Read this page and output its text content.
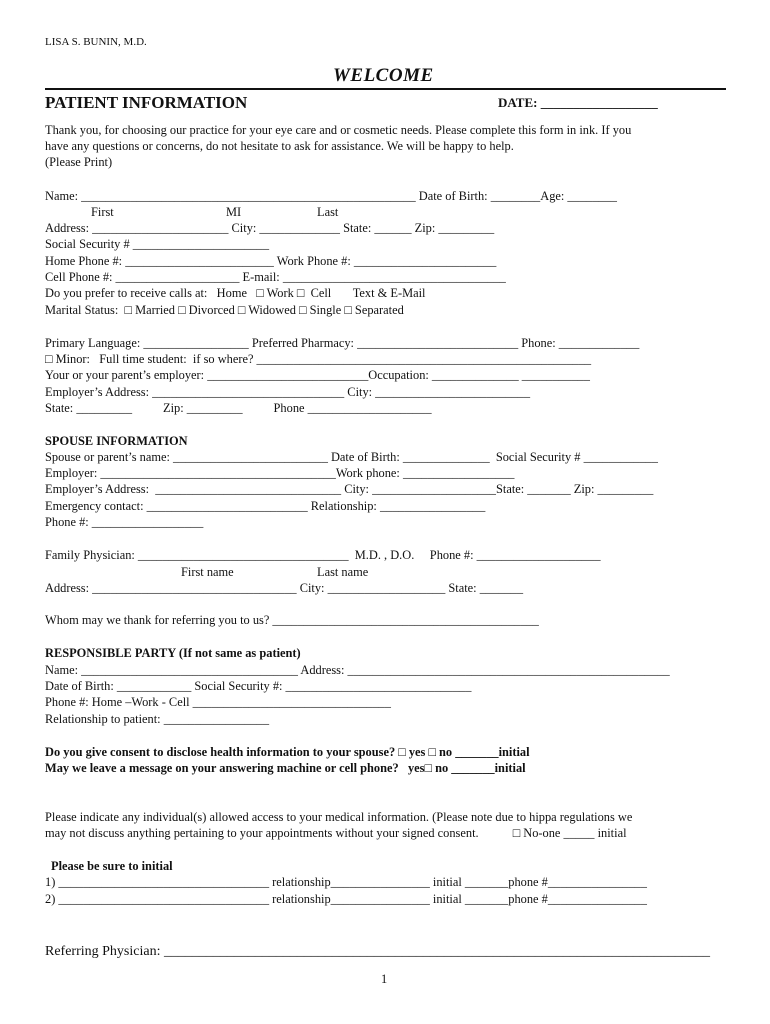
LISA S. BUNIN, M.D.
WELCOME
PATIENT INFORMATION	DATE: __________________
Thank you, for choosing our practice for your eye care and or cosmetic needs. Please complete this form in ink. If you
have any questions or concerns, do not hesitate to ask for assistance. We will be happy to help.
(Please Print)
Name: ______________________________________________________ Date of Birth: ________Age: ________
First	MI	Last
Address: ______________________ City: _____________ State: ______ Zip: _________
Social Security # ______________________
Home Phone #: ________________________ Work Phone #: _______________________
Cell Phone #: ____________________ E-mail: ____________________________________
Do you prefer to receive calls at:   Home   □ Work □  Cell       Text & E-Mail
Marital Status:  □ Married □ Divorced □ Widowed □ Single □ Separated
Primary Language: _________________ Preferred Pharmacy: __________________________ Phone: _____________
□ Minor:   Full time student:  if so where? ______________________________________________________
Your or your parent’s employer: __________________________Occupation: ______________ ___________
Employer’s Address: _______________________________ City: _________________________
State: _________          Zip: _________          Phone ____________________
SPOUSE INFORMATION
Spouse or parent’s name: _________________________ Date of Birth: ______________  Social Security # ____________
Employer: ______________________________________Work phone: __________________
Employer’s Address:  ______________________________ City: ____________________State: _______ Zip: _________
Emergency contact: __________________________ Relationship: _________________
Phone #: __________________
Family Physician: __________________________________  M.D. , D.O.     Phone #: ____________________
First name	Last name
Address: _________________________________ City: ___________________ State: _______
Whom may we thank for referring you to us? ___________________________________________
RESPONSIBLE PARTY (If not same as patient)
Name: ___________________________________ Address: ____________________________________________________
Date of Birth: ____________ Social Security #: ______________________________
Phone #: Home –Work - Cell ________________________________
Relationship to patient: _________________
Do you give consent to disclose health information to your spouse? □ yes □ no _______initial
May we leave a message on your answering machine or cell phone?   yes□ no _______initial
Please indicate any individual(s) allowed access to your medical information. (Please note due to hippa regulations we
may not discuss anything pertaining to your appointments without your signed consent.           □ No-one _____ initial
Please be sure to initial
1) __________________________________ relationship________________ initial _______phone #________________
2) __________________________________ relationship________________ initial _______phone #________________
Referring Physician: ______________________________________________________________________________
1
